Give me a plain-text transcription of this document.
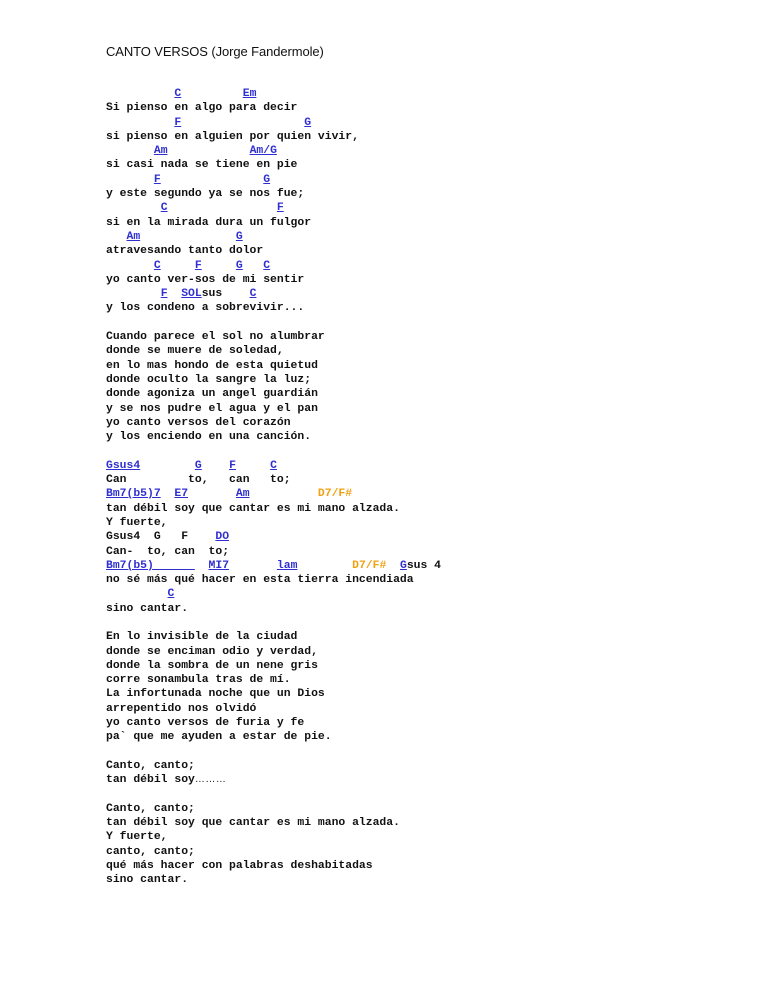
CANTO VERSOS (Jorge Fandermole)
C	Em
Si pienso en algo para decir
F	G
si pienso en alguien por quien vivir,
Am	Am/G
si casi nada se tiene en pie
F	G
y este segundo ya se nos fue;
C	F
si en la mirada dura un fulgor
Am	G
atravesando tanto dolor
C	F	G C
yo canto ver-sos de mi sentir
F SOLsus    C
y los condeno a sobrevivir...
Cuando parece el sol no alumbrar
donde se muere de soledad,
en lo mas hondo de esta quietud
donde oculto la sangre la luz;
donde agoniza un angel guardián
y se nos pudre el agua y el pan
yo canto versos del corazón
y los enciendo en una canción.
Gsus4	G F	C
Can         to,   can   to;
Bm7(b5)7 E7	Am	D7/F#
tan débil soy que cantar es mi mano alzada.
Y fuerte,
Gsus4  G   F    DO
Can-  to, can  to;
Bm7(b5)        MI7	lam	D7/F# Gsus 4
no sé más qué hacer en esta tierra incendiada
C
sino cantar.
En lo invisible de la ciudad
donde se enciman odio y verdad,
donde la sombra de un nene gris
corre sonambula tras de mí.
La infortunada noche que un Dios
arrepentido nos olvidó
yo canto versos de furia y fe
pa` que me ayuden a estar de pie.
Canto, canto;
tan débil soy………
Canto, canto;
tan débil soy que cantar es mi mano alzada.
Y fuerte,
canto, canto;
qué más hacer con palabras deshabitadas
sino cantar.
